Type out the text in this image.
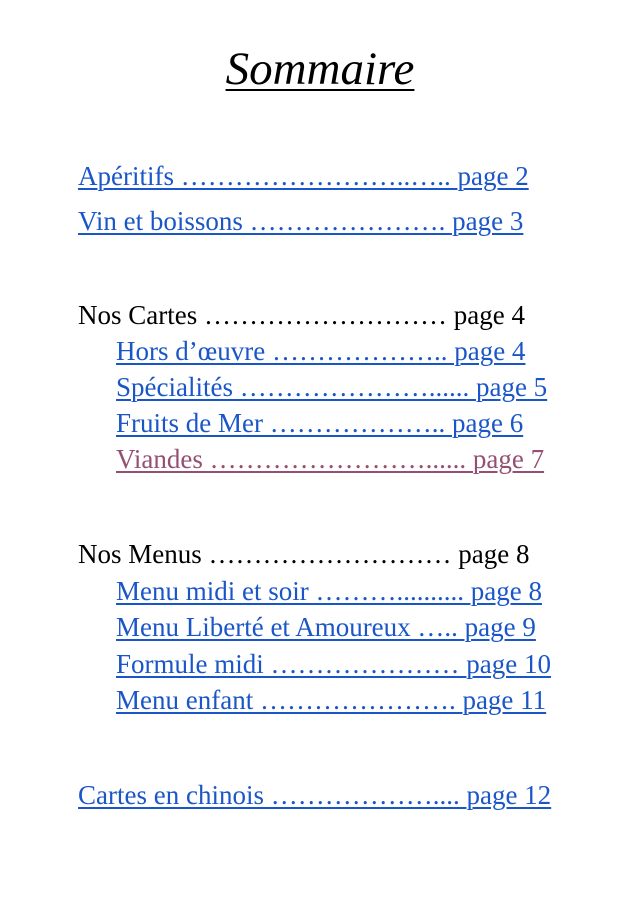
Sommaire
Apéritifs ……………………..….. page 2
Vin et boissons …………………. page 3
Nos Cartes ……………………… page 4
Hors d’œuvre ……………….. page 4
Spécialités …………………...... page 5
Fruits de Mer ……………….. page 6
Viandes ……………………...... page 7
Nos Menus ……………………… page 8
Menu midi et soir ……….......... page 8
Menu Liberté et Amoureux ….. page 9
Formule midi ………………… page 10
Menu enfant …………………. page 11
Cartes en chinois ……………….... page 12
